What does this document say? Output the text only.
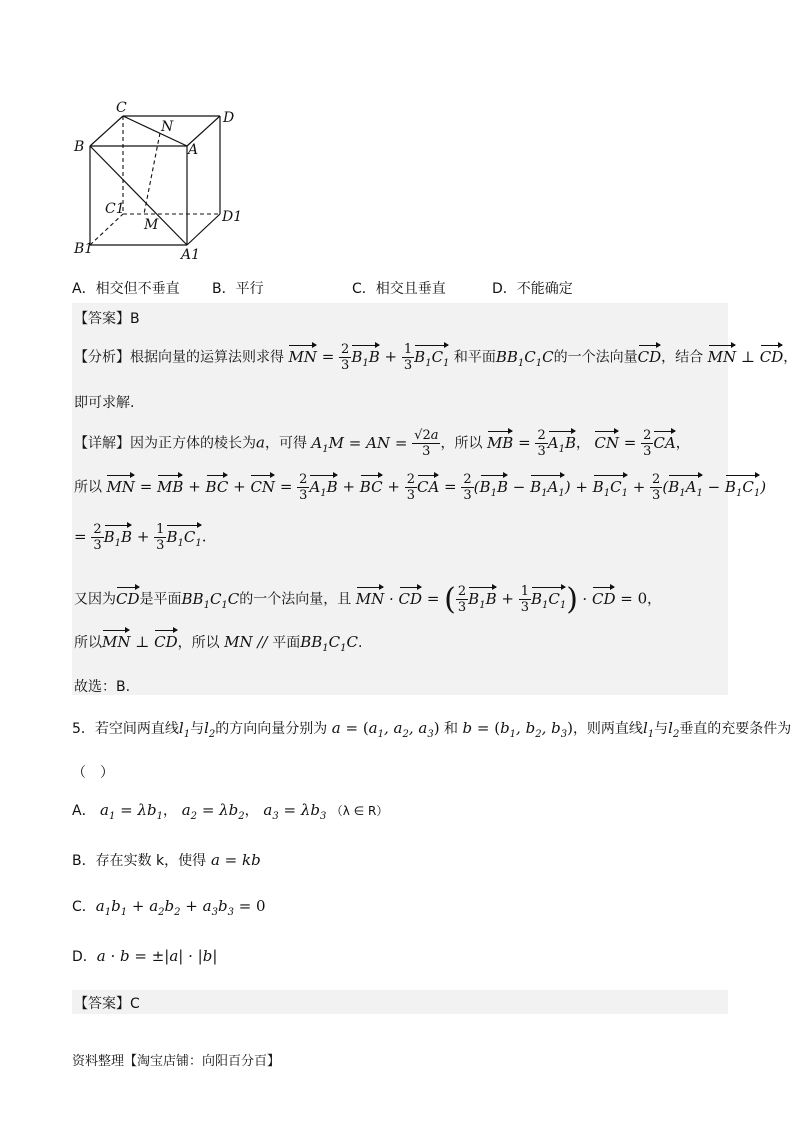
C
N
D
B	A
C1
M	D1
B1	A1
A．相交但不垂直 B．平行	C．相交且垂直	D．不能确定
【答案】B
【分析】根据向量的运算法则求得 MN = $\frac{2}{3} B_1B + \frac{1}{3} B_1C_1$ 和平面$BB_1C_1C$的一个法向量CD，结合 MN ⊥ CD，
即可求解.
【详解】因为正方体的棱长为a，可得 $A_1M$ = AN = $\frac{√2a}{3}$ ，所以 MB = $\frac{2}{3} A_1B$， CN = $\frac{2}{3}$ CA，
所以 MN = MB + BC + CN = $\frac{2}{3} A_1B$ + BC + $\frac{2}{3}$ CA = $\frac{2}{3} (B_1B - B_1A_1) + B_1C_1 + \frac{2}{3} (B_1A_1 - B_1C_1)$
= $\frac{2}{3} B_1B + \frac{1}{3} B_1C_1$.
又因为CD是平面$BB_1C_1C$的一个法向量，且 MN · CD = ( $\frac{2}{3} B_1B + \frac{1}{3} B_1C_1$) · CD = 0，
所以MN ⊥ CD，所以 MN // 平面$BB_1C_1C$.
故选：B.
5．若空间两直线$l_1$与$l_2$的方向向量分别为 $a = (a_1$, $a_2$, $a_3$) 和 $b = (b_1$, $b_2$, $b_3$)，则两直线$l_1$与$l_2$垂直的充要条件为
（　）
A． $a_1 = \lambda b_1$， $a_2 = \lambda b_2$， $a_3 = \lambda b_3$ （λ ∈ R）
B．存在实数 k，使得 a = kb
C．$a_1b_1 + a_2b_2 + a_3b_3 = 0$
D．a · b = ±|a| · |b|
【答案】C
资料整理【淘宝店铺：向阳百分百】
